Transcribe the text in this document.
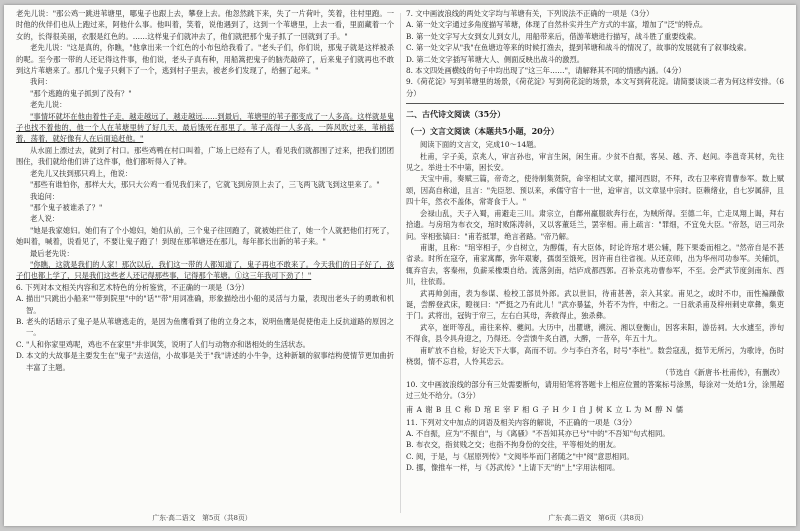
老先儿说："那公鸡一跳进苇塘里，哪鬼子也跟上去，攀登上去。他忽然跳下来，失了一片荷叶，笑着，往村里跑。一时他的伙伴们也从上跑过来，阿他什么事。他叫着，笑着，说他遇到了，这到一个苇塘里，上去一看，里面藏着一个女的，长得很美丽，衣服是红色的。……这样鬼子们就冲去了，他们就把那个鬼子抓了一回就到了手。"

老先儿说："这是真的，你瞧，"他拿出来一个红色的小布包给我看了。"老头子们，你们说，那鬼子就是这样被杀的呢。至今那一带的人还记得这件事，他们说，老头子真有种，用船篙把鬼子的脑壳敲碎了，后来鬼子们就再也不敢到这片苇塘来了。那几个鬼子只剩下了一个，逃到村子里去，被老乡们发现了，给捆了起来。"

我问：

"那个逃跑的鬼子抓到了没有？"

老先儿说：

"事情坏就坏在他由着性子走，越走越远了，越走越远……到最后，苇塘里的苇子都变成了一人多高。这样就是鬼子也找不着他的，他一个人在苇塘里转了好几天，最后饿死在那里了。苇子高得一人多高，一阵风吹过来，苇梢摇着，荡着，就好像有人在后面追赶他。"

从水面上漂过去，就到了村口。那些鸡鸭在村口叫着，广场上已经有了人，看见我们就都围了过来，把我们团团围住，我们就给他们讲了这件事，他们都听得入了神。

老先儿又扶到那只鸡上，他说：

"那些有谁怕你，那样大大，那只大公鸡一看见我们来了，它就飞到房顶上去了，三飞两飞就飞到这里来了。"

我追问：

"那个鬼子被谁杀了？"

老人说：

"她是我家媳妇。她们有了个小媳妇，她们从前，三个鬼子往回跑了，就被她拦住了，她一个人就把他们打死了，她叫着，喊着，说看见了，不要让鬼子跑了！到现在那苇塘还在那儿，每年都长出新的苇子来。"

最后老先说：

"你瞧，这就是我们的人家！那次以后，我们这一带的人都知道了，鬼子再也不敢来了。今天我们的日子好了，孩子们也都上学了，只是我们这些老人还记得那些事，记得那个苇塘。①这三年我可下劲了！"

6. 下列对本文相关内容和艺术特色的分析鉴赏，不正确的一项是（3分）

A. 描出"只跳出小船来""带到院里"中的"话""带"用词准确，形象描绘出小船的灵活与力量，表现出老头子的勇敢和机智。

B. 老头的话暗示了鬼子是从苇塘逃走的，是因为鱼鹰看到了他的立身之本，说明鱼鹰是促使他走上反抗道路的原因之一。

C. "人和你家里鸡呢，鸡也不在家里"并非讽笑，说明了人们与动物亦和谐相处的生活状态。

D. 本文的大故事是主要发生在"鬼子"去送信，小故事是关于"我"讲述的小牛争，这种新颖的叙事结构使情节更加曲折丰富了主题。

7. 文中画波浪线的两处文字均与苇塘有关，下列说法不正确的一项是（3分）

A. 第一处文字通过多角度描写苇塘，体现了自然朴实并生产方式的丰富，增加了"泛"的特点。

B. 第一处文字写大女到女儿到女儿，用船带来后，借游苇塘进行描写，战斗胜了重要线索。

C. 第一处文字从"我"在鱼塘边等来的时候打渔去，提到苇塘和战斗的情况了，故事的发展就有了叙事线索。

D. 第二处文字插写苇塘大人、侧面反映出战斗的激烈。

8. 本文四处画横线的句子中均出现了"这三年……"，请解释其不同的情感内涵。（4分）

9.《荷花淀》写到苇塘里的场景，《荷花淀》写到荷花淀的场景，本文写到荷花淀。请简要谈谈二者为何这样安排。（6分）

二、古代诗文阅读（35分）

（一）文言文阅读（本题共5小题，20分）

阅读下面的文言文，完成10～14题。

杜甫，字子美，京兆人，审言孙也，审言生闲，闲生甫。少贫不自振，客吴、越、齐、赵间。李邕奇其材，先往见之。举进士不中第，困长安。

天宝中甫，奏赋三篇，帝奇之，使待制集贤院，命宰相试文章，擢河西尉，不拜，改右卫率府胄曹参军。数上赋颂，因高自称道，且言："先臣恕、预以来，承儒守官十一世，迨审言，以文章显中宗时。臣赖绪业，自七岁属辞，且四十年，然衣不盖体，常寄食于人。"

会禄山乱，天子入蜀，甫避走三川。肃宗立，自鄜州羸服欲奔行在，为贼所得。至德二年，亡走凤翔上谒，拜右拾遗。与房琯为布衣交，琯时败陈涛斜，又以客董廷兰，罢宰相。甫上疏言："罪细，不宜免大臣。"帝怒，诏三司杂问。宰相张镐曰："甫若抵罪，绝言者路。"帝乃解。

甫谢，且称："琯宰相子，少自树立，为醇儒，有大臣体，时论许琯才堪公辅，陛下果委而相之。"然帝自是不甚省录。时所在寇夺，甫家寓鄜，弥年艰窭，孺弱至饿死，因许甫自往省视。从还京师，出为华州司功参军。关辅饥，辄弃官去，客秦州，负薪采橡栗自给。流落剑南，结庐成都西郭。召补京兆功曹参军，不至。会严武节度剑南东、西川，往依焉。

武再帅剑南，表为参谋、检校工部员外郎。武以世旧，待甫甚善，亲入其家。甫见之，或时不巾，而性褊躁傲诞，尝醉登武床，瞪视曰："严挺之乃有此儿！"武亦暴猛，外若不为忤，中衔之。一日欲杀甫及梓州刺史章彝，集吏于门。武将出，冠钩于帘三，左右白其母，奔救得止，独杀彝。

武卒，崔旰等乱，甫往来梓、夔间。大历中，出瞿塘，溯沅、湘以登衡山，因客耒阳，游岳祠。大水遽至，涉旬不得食，县令具舟迎之，乃得还。令尝馈牛炙白酒，大醉，一昔卒，年五十九。

甫旷放不自检，好论天下大事，高而不切。少与李白齐名，时号"李杜"。数尝寇乱，挺节无所污，为歌诗，伤时桡弱，情不忘君，人怜其忠云。

（节选自《新唐书·杜甫传》，有删改）

10. 文中画波浪线的部分有三处需要断句，请用铅笔将答题卡上相应位置的答案标号涂黑，每涂对一处给1分，涂黑超过三处不给分。（3分）

甫 A 谢 B 且 C 称 D 琯 E 宰 F 相 G 子 H 少 I 自 J 树 K 立 L 为 M 醇 N 儒

11. 下列对文中加点的词语及相关内容的解说，不正确的一项是（3分）

A. 不自振，应为"不振自"，与《离骚》"不吾知其亦已兮"中的"不吾知"句式相同。

B. 布衣交，指贫贱之交；也指不拘身份的交往，平等相处的朋友。

C. 阅，于是，与《屈原列传》"文阅毕毕而门者随之"中"阅"意思相同。

D. 挪，像推车一样，与《苏武传》"上请下天"的"上"字用法相同。

广东·高二语文　第5页（共8页）	广东·高二语文　第6页（共8页）
